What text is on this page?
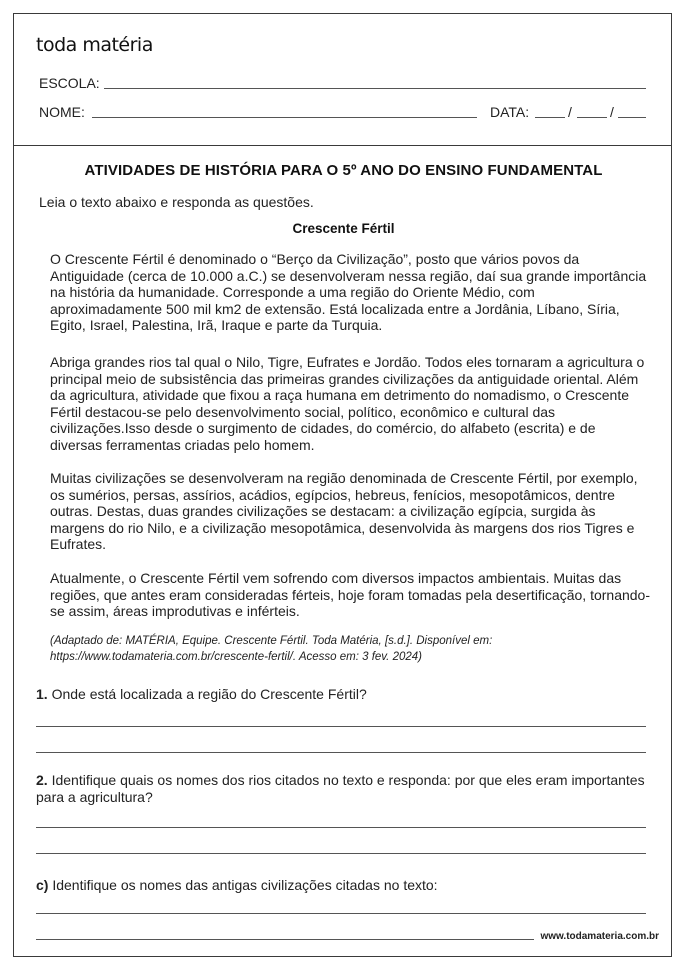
toda matéria
ESCOLA:
NOME:	DATA:	/	/
ATIVIDADES DE HISTÓRIA PARA O 5º ANO DO ENSINO FUNDAMENTAL
Leia o texto abaixo e responda as questões.
Crescente Fértil

O Crescente Fértil é denominado o “Berço da Civilização”, posto que vários povos da Antiguidade (cerca de 10.000 a.C.) se desenvolveram nessa região, daí sua grande importância na história da humanidade. Corresponde a uma região do Oriente Médio, com aproximadamente 500 mil km2 de extensão. Está localizada entre a Jordânia, Líbano, Síria, Egito, Israel, Palestina, Irã, Iraque e parte da Turquia.

Abriga grandes rios tal qual o Nilo, Tigre, Eufrates e Jordão. Todos eles tornaram a agricultura o principal meio de subsistência das primeiras grandes civilizações da antiguidade oriental. Além da agricultura, atividade que fixou a raça humana em detrimento do nomadismo, o Crescente Fértil destacou-se pelo desenvolvimento social, político, econômico e cultural das civilizações.Isso desde o surgimento de cidades, do comércio, do alfabeto (escrita) e de diversas ferramentas criadas pelo homem.

Muitas civilizações se desenvolveram na região denominada de Crescente Fértil, por exemplo, os sumérios, persas, assírios, acádios, egípcios, hebreus, fenícios, mesopotâmicos, dentre outras. Destas, duas grandes civilizações se destacam: a civilização egípcia, surgida às margens do rio Nilo, e a civilização mesopotâmica, desenvolvida às margens dos rios Tigres e Eufrates.

Atualmente, o Crescente Fértil vem sofrendo com diversos impactos ambientais. Muitas das regiões, que antes eram consideradas férteis, hoje foram tomadas pela desertificação, tornando-se assim, áreas improdutivas e inférteis.

(Adaptado de: MATÉRIA, Equipe. Crescente Fértil. Toda Matéria, [s.d.]. Disponível em: https://www.todamateria.com.br/crescente-fertil/. Acesso em: 3 fev. 2024)

1. Onde está localizada a região do Crescente Fértil?

2. Identifique quais os nomes dos rios citados no texto e responda: por que eles eram importantes para a agricultura?

c) Identifique os nomes das antigas civilizações citadas no texto:

www.todamateria.com.br
